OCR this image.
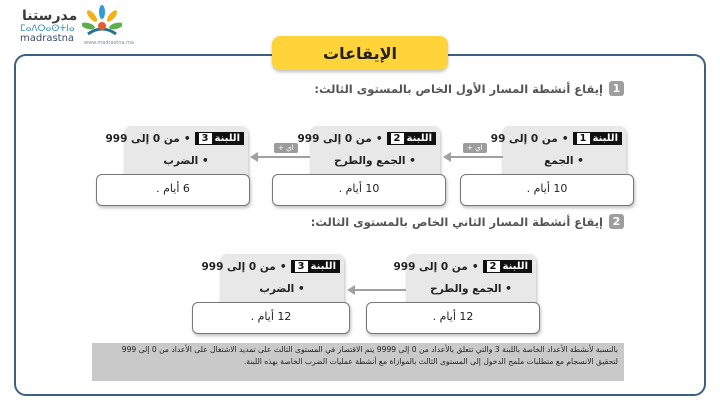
مدرستنا
ⵎⴰⴷⵔⴰⵙⵜⵏⴰ
madrastna www.madrastna.ma
الإيقاعات
1
إيقاع أنشطة المسار الأول الخاص بالمستوى الثالث:
اللبنة1
•
من 0 إلى 99
• الجمع
10 أيام .
اللبنة2
•
من 0 إلى 999
• الجمع والطرح
10 أيام .
اللبنة3
•
من 0 إلى 999
• الضرب
6 أيام .
+ اي
+ اي
2
إيقاع أنشطة المسار الثاني الخاص بالمستوى الثالث:
اللبنة2
•
من 0 إلى 999
• الجمع والطرح
12 أيام .
اللبنة3
•
من 0 إلى 999
• الضرب
12 أيام .
بالنسبة لأنشطة الأعداد الخاصة باللبنة 3 والتي تتعلق بالأعداد من 0 إلى 9999 يتم الاقتصار في المستوى الثالث على تمديد الاشتغال على الأعداد من 0 إلى 999 لتحقيق الانسجام مع متطلبات ملمح الدخول إلى المستوى الثالث بالموازاة مع أنشطة عمليات الضرب الخاصة بهذه اللبنة.
